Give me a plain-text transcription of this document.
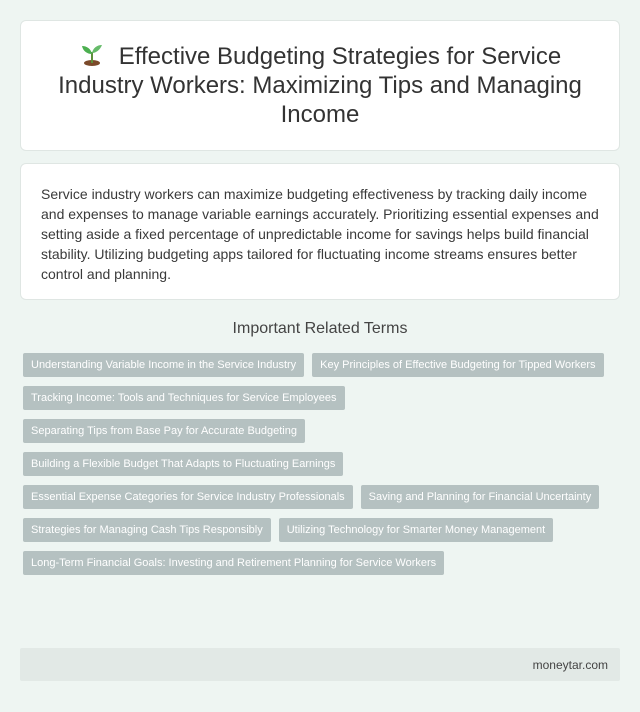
Effective Budgeting Strategies for Service Industry Workers: Maximizing Tips and Managing Income

Service industry workers can maximize budgeting effectiveness by tracking daily income and expenses to manage variable earnings accurately. Prioritizing essential expenses and setting aside a fixed percentage of unpredictable income for savings helps build financial stability. Utilizing budgeting apps tailored for fluctuating income streams ensures better control and planning.

Important Related Terms
Understanding Variable Income in the Service Industry	Key Principles of Effective Budgeting for Tipped Workers
Tracking Income: Tools and Techniques for Service Employees
Separating Tips from Base Pay for Accurate Budgeting
Building a Flexible Budget That Adapts to Fluctuating Earnings
Essential Expense Categories for Service Industry Professionals	Saving and Planning for Financial Uncertainty
Strategies for Managing Cash Tips Responsibly	Utilizing Technology for Smarter Money Management
Long-Term Financial Goals: Investing and Retirement Planning for Service Workers
moneytar.com
